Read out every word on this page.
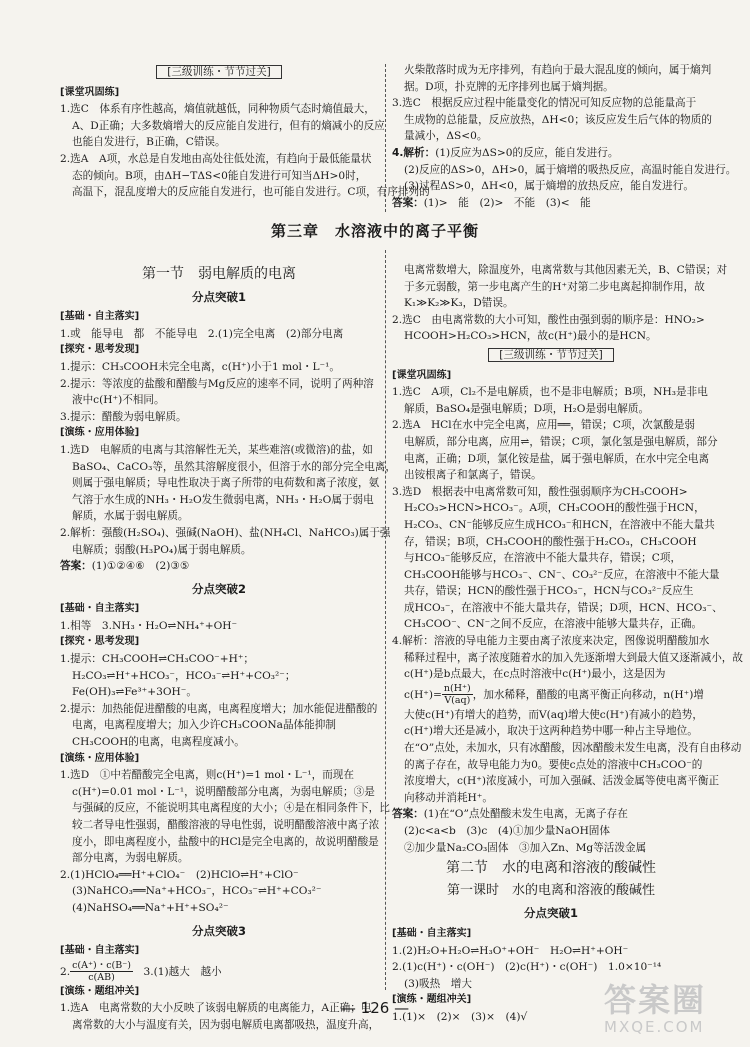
[三级训练・节节过关]
[课堂巩固练]
1.选C　体系有序性越高，熵值就越低，同种物质气态时熵值最大，
A、D正确；大多数熵增大的反应能自发进行，但有的熵减小的反应
也能自发进行，B正确，C错误。
2.选A　A项，水总是自发地由高处往低处流，有趋向于最低能量状
态的倾向。B项，由ΔH−TΔS<0能自发进行可知当ΔH>0时，
高温下，混乱度增大的反应能自发进行，也可能自发进行。C项，有序排列的
火柴散落时成为无序排列，有趋向于最大混乱度的倾向，属于熵判
据。D项，扑克牌的无序排列也属于熵判据。
3.选C　根据反应过程中能量变化的情况可知反应物的总能量高于
生成物的总能量，反应放热，ΔH<0；该反应发生后气体的物质的
量减小，ΔS<0。
4.解析：(1)反应为ΔS>0的反应，能自发进行。
(2)反应的ΔS>0，ΔH>0，属于熵增的吸热反应，高温时能自发进行。
(3)过程ΔS>0，ΔH<0，属于熵增的放热反应，能自发进行。
答案：(1)>　能　(2)>　不能　(3)<　能
第三章　水溶液中的离子平衡
第一节　弱电解质的电离
分点突破1
[基础・自主落实]
1.或　能导电　都　不能导电　2.(1)完全电离　(2)部分电离
[探究・思考发现]
1.提示：CH₃COOH未完全电离，c(H⁺)小于1 mol・L⁻¹。
2.提示：等浓度的盐酸和醋酸与Mg反应的速率不同，说明了两种溶
液中c(H⁺)不相同。
3.提示：醋酸为弱电解质。
[演练・应用体验]
1.选D　电解质的电离与其溶解性无关，某些难溶(或微溶)的盐，如
BaSO₄、CaCO₃等，虽然其溶解度很小，但溶于水的部分完全电离，
则属于强电解质；导电性取决于离子所带的电荷数和离子浓度，氨
气溶于水生成的NH₃・H₂O发生微弱电离，NH₃・H₂O属于弱电
解质，水属于弱电解质。
2.解析：强酸(H₂SO₄)、强碱(NaOH)、盐(NH₄Cl、NaHCO₃)属于强
电解质；弱酸(H₃PO₄)属于弱电解质。
答案：(1)①②④⑥　(2)③⑤
分点突破2
[基础・自主落实]
1.相等　3.NH₃・H₂O⇌NH₄⁺+OH⁻
[探究・思考发现]
1.提示：CH₃COOH⇌CH₃COO⁻+H⁺；
H₂CO₃⇌H⁺+HCO₃⁻，HCO₃⁻⇌H⁺+CO₃²⁻；
Fe(OH)₃⇌Fe³⁺+3OH⁻。
2.提示：加热能促进醋酸的电离，电离程度增大；加水能促进醋酸的
电离，电离程度增大；加入少许CH₃COONa晶体能抑制
CH₃COOH的电离，电离程度减小。
[演练・应用体验]
1.选D　①中若醋酸完全电离，则c(H⁺)=1 mol・L⁻¹，而现在
c(H⁺)=0.01 mol・L⁻¹，说明醋酸部分电离，为弱电解质；③是
与强碱的反应，不能说明其电离程度的大小；④是在相同条件下，比
较二者导电性强弱，醋酸溶液的导电性弱，说明醋酸溶液中离子浓
度小，即电离程度小，盐酸中的HCl是完全电离的，故说明醋酸是
部分电离，为弱电解质。
2.(1)HClO₄══H⁺+ClO₄⁻　(2)HClO⇌H⁺+ClO⁻
(3)NaHCO₃══Na⁺+HCO₃⁻，HCO₃⁻⇌H⁺+CO₃²⁻
(4)NaHSO₄══Na⁺+H⁺+SO₄²⁻
分点突破3
[基础・自主落实]
2. $\frac{c(A^+)・c(B^-)}{c(AB)}$　3.(1)越大　越小
[演练・题组冲关]
1.选A　电离常数的大小反映了该弱电解质的电离能力，A正确；电
离常数的大小与温度有关，因为弱电解质电离都吸热，温度升高，
电离常数增大，除温度外，电离常数与其他因素无关，B、C错误；对
于多元弱酸，第一步电离产生的H⁺对第二步电离起抑制作用，故
K₁≫K₂≫K₃，D错误。
2.选C　由电离常数的大小可知，酸性由强到弱的顺序是：HNO₂>
HCOOH>H₂CO₃>HCN，故c(H⁺)最小的是HCN。
[三级训练・节节过关]
[课堂巩固练]
1.选C　A项，Cl₂不是电解质，也不是非电解质；B项，NH₃是非电
解质，BaSO₄是强电解质；D项，H₂O是弱电解质。
2.选A　HCl在水中完全电离，应用══，错误；C项，次氯酸是弱
电解质，部分电离，应用⇌，错误；C项，氯化氢是强电解质，部分
电离，正确；D项，氯化铵是盐，属于强电解质，在水中完全电离
出铵根离子和氯离子，错误。
3.选D　根据表中电离常数可知，酸性强弱顺序为CH₃COOH>
H₂CO₃>HCN>HCO₃⁻。A项，CH₃COOH的酸性强于HCN，
H₂CO₃、CN⁻能够反应生成HCO₃⁻和HCN，在溶液中不能大量共
存，错误；B项，CH₃COOH的酸性强于H₂CO₃，CH₃COOH
与HCO₃⁻能够反应，在溶液中不能大量共存，错误；C项，
CH₃COOH能够与HCO₃⁻、CN⁻、CO₃²⁻反应，在溶液中不能大量
共存，错误；HCN的酸性强于HCO₃⁻，HCN与CO₃²⁻反应生
成HCO₃⁻，在溶液中不能大量共存，错误；D项，HCN、HCO₃⁻、
CH₃COO⁻、CN⁻之间不反应，在溶液中能够大量共存，正确。
4.解析：溶液的导电能力主要由离子浓度来决定，图像说明醋酸加水
稀释过程中，离子浓度随着水的加入先逐渐增大到最大值又逐渐减小，故
c(H⁺)是b点最大，在c点时溶液中c(H⁺)最小，这是因为
$c(H^+)= \frac{n(H^+)}{V(aq)}$，加水稀释，醋酸的电离平衡正向移动，n(H⁺)增
大使c(H⁺)有增大的趋势，而V(aq)增大使c(H⁺)有减小的趋势，
c(H⁺)增大还是减小，取决于这两种趋势中哪一种占主导地位。
在“O”点处，未加水，只有冰醋酸，因冰醋酸未发生电离，没有自由移动
的离子存在，故导电能力为0。要使c点处的溶液中CH₃COO⁻的
浓度增大，c(H⁺)浓度减小，可加入强碱、活泼金属等使电离平衡正
向移动并消耗H⁺。
答案：(1)在“O”点处醋酸未发生电离，无离子存在
(2)c<a<b　(3)c　(4)①加少量NaOH固体
②加少量Na₂CO₃固体　③加入Zn、Mg等活泼金属
第二节　水的电离和溶液的酸碱性
第一课时　水的电离和溶液的酸碱性
分点突破1
[基础・自主落实]
1.(2)H₂O+H₂O⇌H₃O⁺+OH⁻　H₂O⇌H⁺+OH⁻
2.(1)c(H⁺)・c(OH⁻)　(2)c(H⁺)・c(OH⁻)　1.0×10⁻¹⁴
(3)吸热　增大
[演练・题组冲关]
1.(1)×　(2)×　(3)×　(4)√
— 126 —	答案圈
MXQE.COM
